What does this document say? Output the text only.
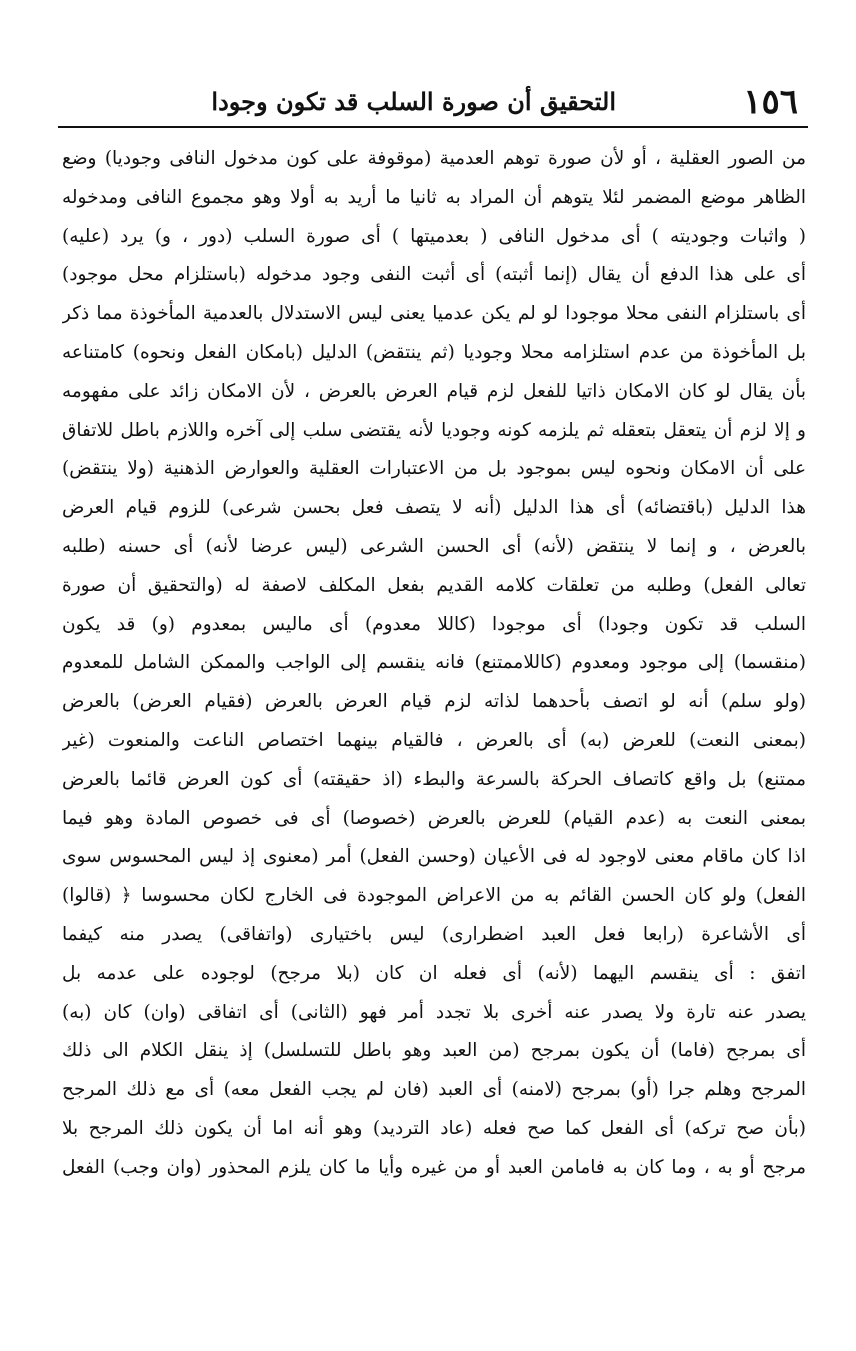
١٥٦
التحقيق أن صورة السلب قد تكون وجودا
من الصور العقلية ، أو لأن صورة توهم العدمية (موقوفة على كون مدخول النافى وجوديا) وضع
الظاهر موضع المضمر لئلا يتوهم أن المراد به ثانيا ما أريد به أولا وهو مجموع النافى ومدخوله
( واثبات وجوديته ) أى مدخول النافى ( بعدميتها ) أى صورة السلب (دور ، و) يرد (عليه)
أى على هذا الدفع أن يقال (إنما أثبته) أى أثبت النفى وجود مدخوله (باستلزام محل موجود)
أى باستلزام النفى محلا موجودا لو لم يكن عدميا يعنى ليس الاستدلال بالعدمية المأخوذة مما ذكر
بل المأخوذة من عدم استلزامه محلا وجوديا (ثم ينتقض) الدليل (بامكان الفعل ونحوه) كامتناعه
بأن يقال لو كان الامكان ذاتيا للفعل لزم قيام العرض بالعرض ، لأن الامكان زائد على مفهومه
و إلا لزم أن يتعقل بتعقله ثم يلزمه كونه وجوديا لأنه يقتضى سلب إلى آخره واللازم باطل للاتفاق
على أن الامكان ونحوه ليس بموجود بل من الاعتبارات العقلية والعوارض الذهنية (ولا ينتقض)
هذا الدليل (باقتضائه) أى هذا الدليل (أنه لا يتصف فعل بحسن شرعى) للزوم قيام العرض
بالعرض ، و إنما لا ينتقض (لأنه) أى الحسن الشرعى (ليس عرضا لأنه) أى حسنه (طلبه
تعالى الفعل) وطلبه من تعلقات كلامه القديم بفعل المكلف لاصفة له (والتحقيق أن صورة
السلب قد تكون وجودا) أى موجودا (كاللا معدوم) أى ماليس بمعدوم (و) قد يكون
(منقسما) إلى موجود ومعدوم (كاللاممتنع) فانه ينقسم إلى الواجب والممكن الشامل للمعدوم
(ولو سلم) أنه لو اتصف بأحدهما لذاته لزم قيام العرض بالعرض (فقيام العرض) بالعرض
(بمعنى النعت) للعرض (به) أى بالعرض ، فالقيام بينهما اختصاص الناعت والمنعوت (غير
ممتنع) بل واقع كاتصاف الحركة بالسرعة والبطء (اذ حقيقته) أى كون العرض قائما بالعرض
بمعنى النعت به (عدم القيام) للعرض بالعرض (خصوصا) أى فى خصوص المادة وهو فيما
اذا كان ماقام معنى لاوجود له فى الأعيان (وحسن الفعل) أمر (معنوى إذ ليس المحسوس سوى
الفعل) ولو كان الحسن القائم به من الاعراض الموجودة فى الخارج لكان محسوسا ﴿ (قالوا)
أى الأشاعرة (رابعا فعل العبد اضطرارى) ليس باختيارى (واتفاقى) يصدر منه كيفما
اتفق : أى ينقسم اليهما (لأنه) أى فعله ان كان (بلا مرجح) لوجوده على عدمه بل
يصدر عنه تارة ولا يصدر عنه أخرى بلا تجدد أمر فهو (الثانى) أى اتفاقى (وان) كان (به)
أى بمرجح (فاما) أن يكون بمرجح (من العبد وهو باطل للتسلسل) إذ ينقل الكلام الى ذلك
المرجح وهلم جرا (أو) بمرجح (لامنه) أى العبد (فان لم يجب الفعل معه) أى مع ذلك المرجح
(بأن صح تركه) أى الفعل كما صح فعله (عاد الترديد) وهو أنه اما أن يكون ذلك المرجح بلا
مرجح أو به ، وما كان به فامامن العبد أو من غيره وأيا ما كان يلزم المحذور (وان وجب) الفعل
